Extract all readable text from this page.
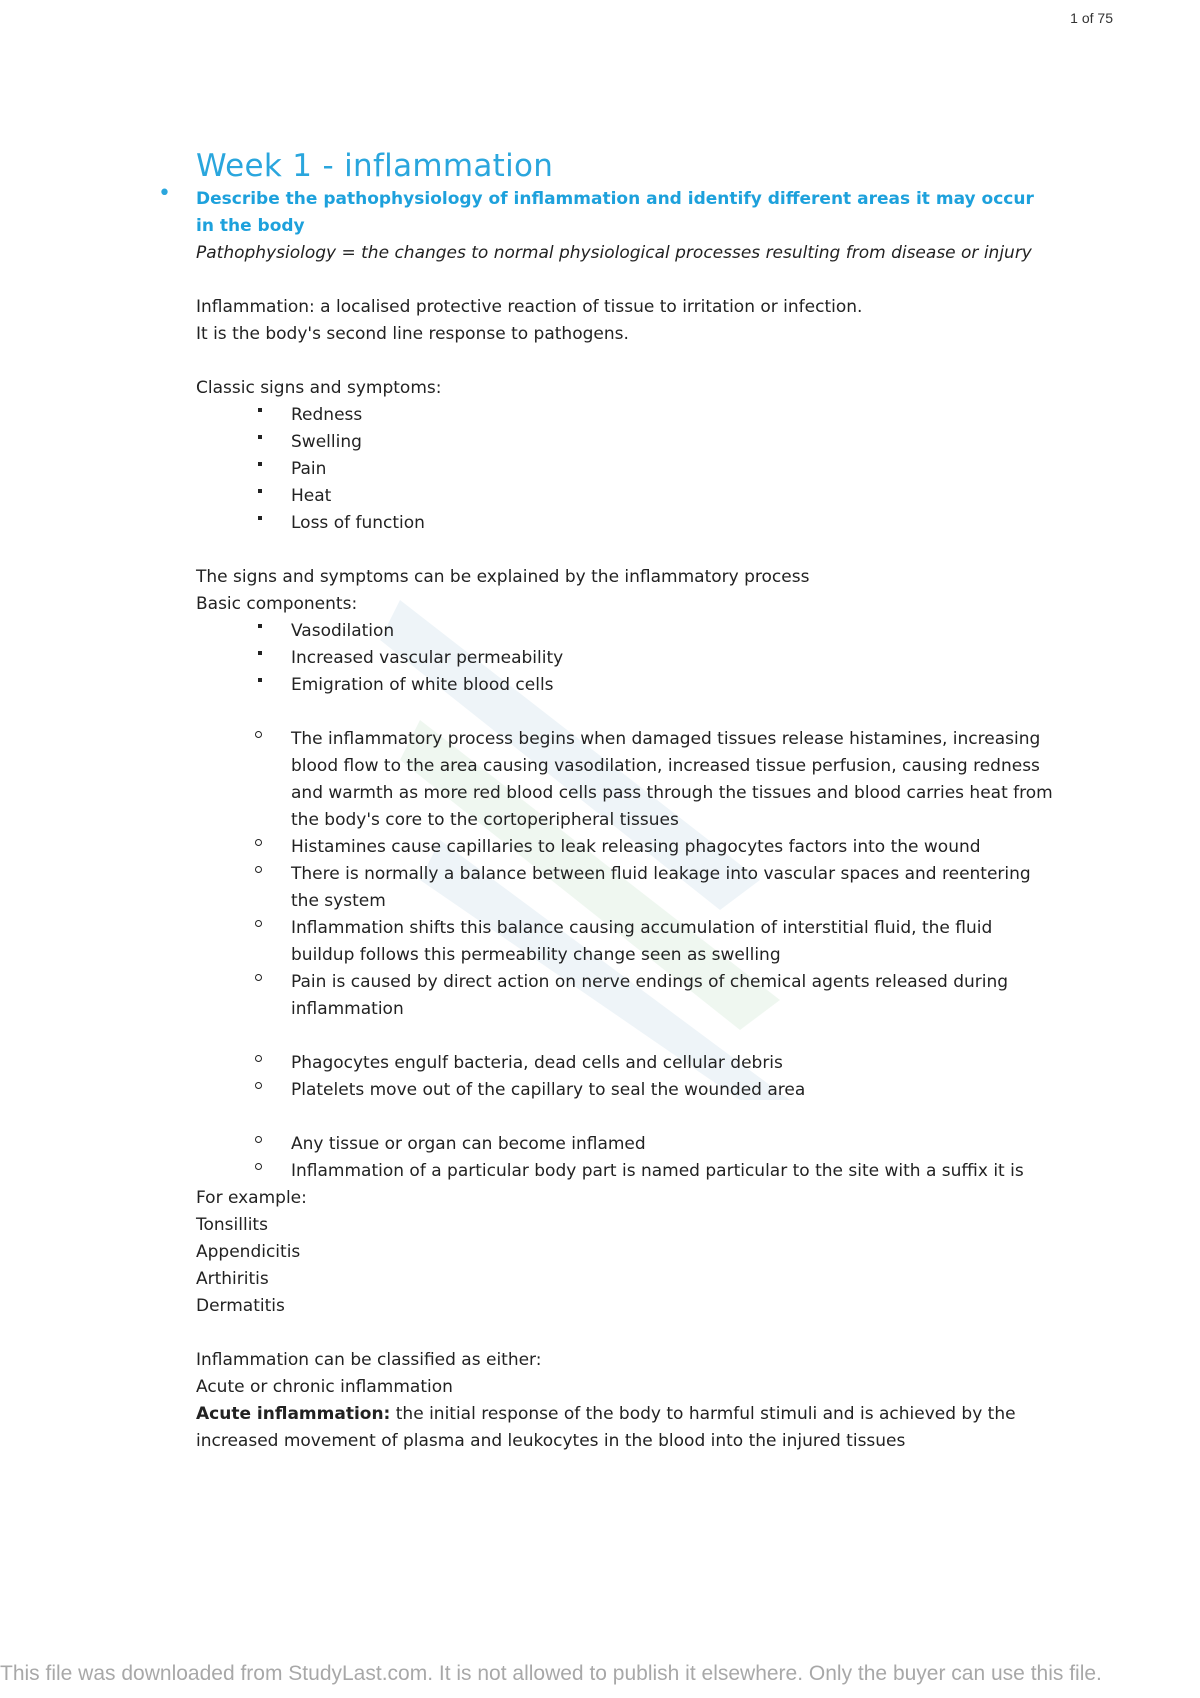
1 of 75
Week 1 - inflammation
• Describe the pathophysiology of inflammation and identify different areas it may occur in the body

Pathophysiology = the changes to normal physiological processes resulting from disease or injury

Inflammation: a localised protective reaction of tissue to irritation or infection.

It is the body's second line response to pathogens.

Classic signs and symptoms:

Redness
Swelling
Pain
Heat
Loss of function

The signs and symptoms can be explained by the inflammatory process

Basic components:

Vasodilation
Increased vascular permeability
Emigration of white blood cells
The inflammatory process begins when damaged tissues release histamines, increasing blood flow to the area causing vasodilation, increased tissue perfusion, causing redness and warmth as more red blood cells pass through the tissues and blood carries heat from the body's core to the cortoperipheral tissues
Histamines cause capillaries to leak releasing phagocytes factors into the wound
There is normally a balance between fluid leakage into vascular spaces and reentering the system
Inflammation shifts this balance causing accumulation of interstitial fluid, the fluid buildup follows this permeability change seen as swelling
Pain is caused by direct action on nerve endings of chemical agents released during inflammation
Phagocytes engulf bacteria, dead cells and cellular debris
Platelets move out of the capillary to seal the wounded area
Any tissue or organ can become inflamed
Inflammation of a particular body part is named particular to the site with a suffix it is

For example:

Tonsillits

Appendicitis

Arthiritis

Dermatitis

Inflammation can be classified as either:

Acute or chronic inflammation

Acute inflammation: the initial response of the body to harmful stimuli and is achieved by the increased movement of plasma and leukocytes in the blood into the injured tissues

This file was downloaded from StudyLast.com. It is not allowed to publish it elsewhere. Only the buyer can use this file.
